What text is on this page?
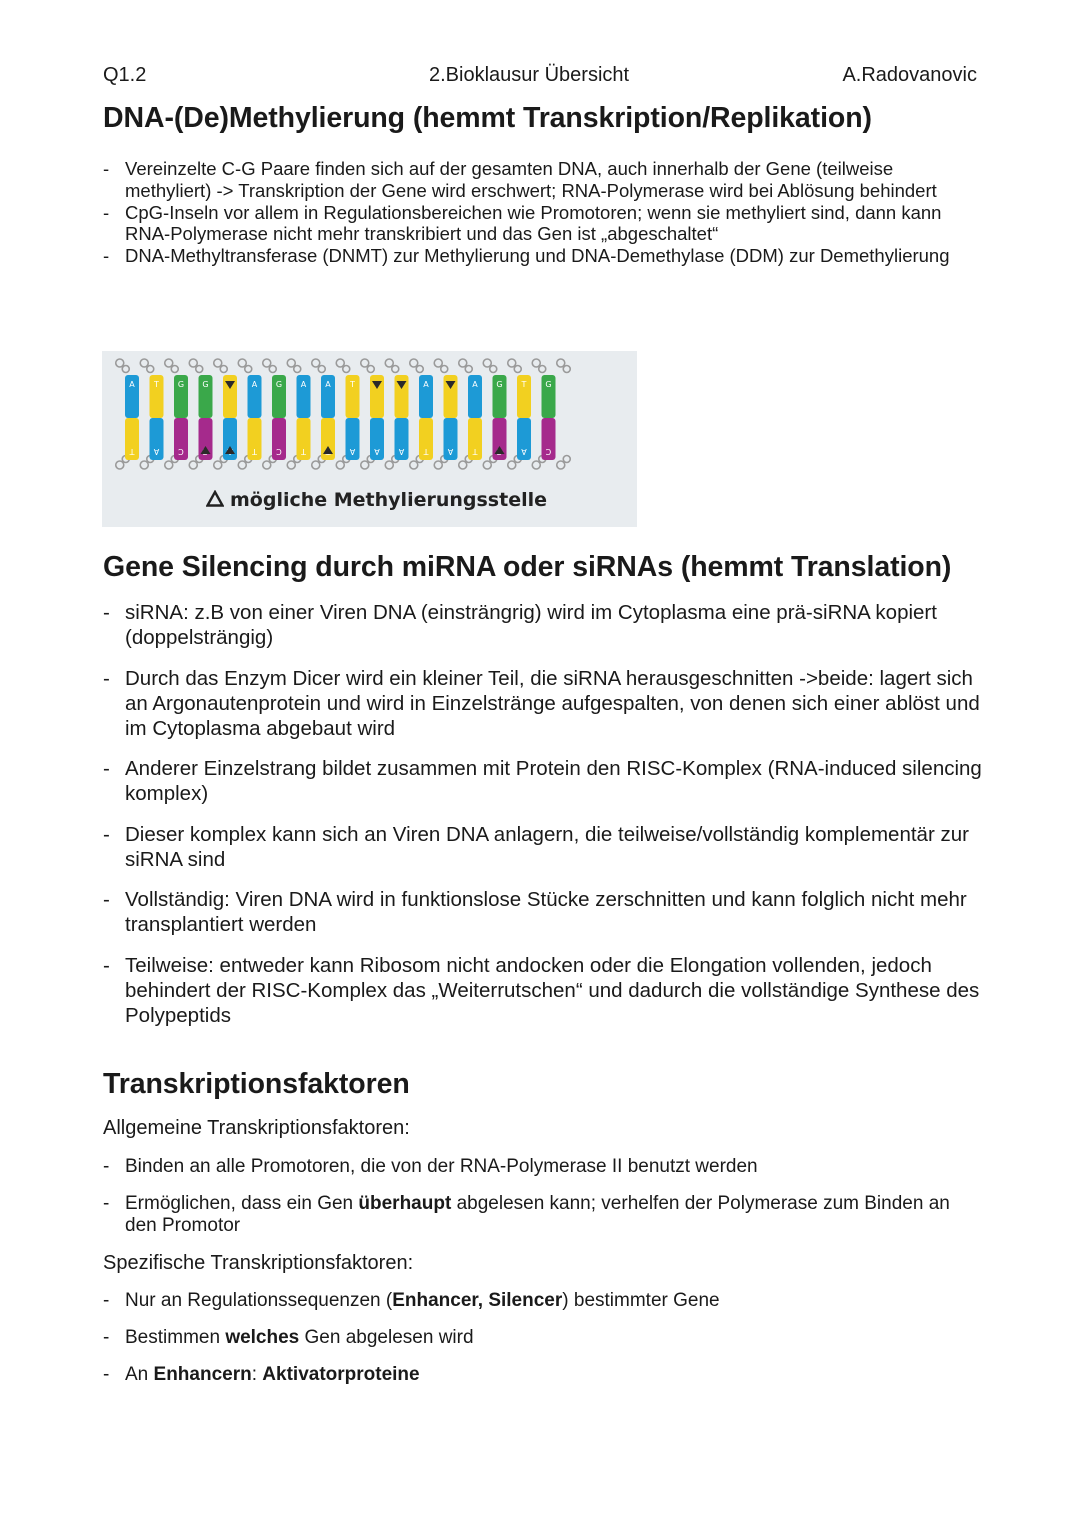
Q1.2	2.Bioklausur Übersicht	A.Radovanovic
DNA-(De)Methylierung (hemmt Transkription/Replikation)
- Vereinzelte C-G Paare finden sich auf der gesamten DNA, auch innerhalb der Gene (teilweise methyliert) -> Transkription der Gene wird erschwert; RNA-Polymerase wird bei Ablösung behindert
- CpG-Inseln vor allem in Regulationsbereichen wie Promotoren; wenn sie methyliert sind, dann kann RNA-Polymerase nicht mehr transkribiert und das Gen ist „abgeschaltet“
- DNA-Methyltransferase (DNMT) zur Methylierung und DNA-Demethylase (DDM) zur Demethylierung
A
T
T
A
G
C
G	A
T
G
C
A
T
A T
A A A
A
T A
A
T
G T
A
G
C
mögliche Methylierungsstelle
Gene Silencing durch miRNA oder siRNAs (hemmt Translation)
- siRNA: z.B von einer Viren DNA (einsträngrig) wird im Cytoplasma eine prä-siRNA kopiert (doppelsträngig)
- Durch das Enzym Dicer wird ein kleiner Teil, die siRNA herausgeschnitten ->beide: lagert sich an Argonautenprotein und wird in Einzelstränge aufgespalten, von denen sich einer ablöst und im Cytoplasma abgebaut wird
- Anderer Einzelstrang bildet zusammen mit Protein den RISC-Komplex (RNA-induced silencing komplex)
- Dieser komplex kann sich an Viren DNA anlagern, die teilweise/vollständig komplementär zur siRNA sind
- Vollständig: Viren DNA wird in funktionslose Stücke zerschnitten und kann folglich nicht mehr transplantiert werden
- Teilweise: entweder kann Ribosom nicht andocken oder die Elongation vollenden, jedoch behindert der RISC-Komplex das „Weiterrutschen“ und dadurch die vollständige Synthese des Polypeptids
Transkriptionsfaktoren

Allgemeine Transkriptionsfaktoren:

- Binden an alle Promotoren, die von der RNA-Polymerase II benutzt werden
- Ermöglichen, dass ein Gen überhaupt abgelesen kann; verhelfen der Polymerase zum Binden an den Promotor

Spezifische Transkriptionsfaktoren:

- Nur an Regulationssequenzen (Enhancer, Silencer) bestimmter Gene
- Bestimmen welches Gen abgelesen wird
- An Enhancern: Aktivatorproteine
